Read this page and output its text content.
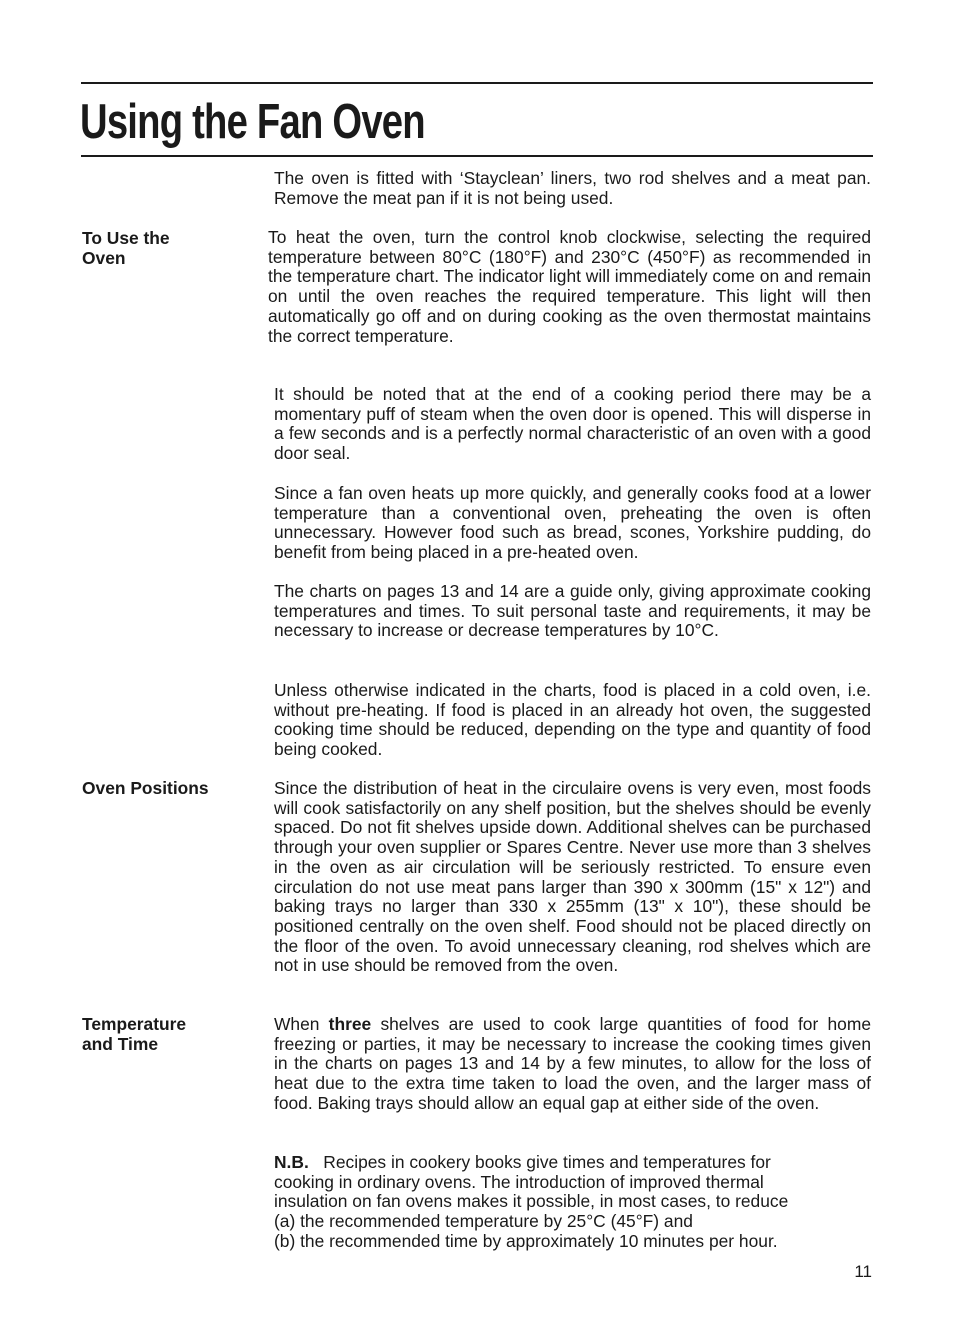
Using the Fan Oven

The oven is fitted with ‘Stayclean’ liners, two rod shelves and a meat pan. Remove the meat pan if it is not being used.

To Use the
Oven

To heat the oven, turn the control knob clockwise, selecting the required temperature between 80°C (180°F) and 230°C (450°F) as recommended in the temperature chart. The indicator light will immediately come on and remain on until the oven reaches the required temperature. This light will then automatically go off and on during cooking as the oven thermostat maintains the correct temperature.

It should be noted that at the end of a cooking period there may be a momentary puff of steam when the oven door is opened. This will disperse in a few seconds and is a perfectly normal characteristic of an oven with a good door seal.

Since a fan oven heats up more quickly, and generally cooks food at a lower temperature than a conventional oven, preheating the oven is often unnecessary. However food such as bread, scones, Yorkshire pudding, do benefit from being placed in a pre-heated oven.

The charts on pages 13 and 14 are a guide only, giving approximate cooking temperatures and times. To suit personal taste and requirements, it may be necessary to increase or decrease temperatures by 10°C.

Unless otherwise indicated in the charts, food is placed in a cold oven, i.e. without pre-heating. If food is placed in an already hot oven, the suggested cooking time should be reduced, depending on the type and quantity of food being cooked.

Oven Positions	Since the distribution of heat in the circulaire ovens is very even, most foods will cook satisfactorily on any shelf position, but the shelves should be evenly spaced. Do not fit shelves upside down. Additional shelves can be purchased through your oven supplier or Spares Centre. Never use more than 3 shelves in the oven as air circulation will be seriously restricted. To ensure even circulation do not use meat pans larger than 390 x 300mm (15" x 12") and baking trays no larger than 330 x 255mm (13" x 10"), these should be positioned centrally on the oven shelf. Food should not be placed directly on the floor of the oven. To avoid unnecessary cleaning, rod shelves which are not in use should be removed from the oven.

Temperature
and Time

When three shelves are used to cook large quantities of food for home freezing or parties, it may be necessary to increase the cooking times given in the charts on pages 13 and 14 by a few minutes, to allow for the loss of heat due to the extra time taken to load the oven, and the larger mass of food. Baking trays should allow an equal gap at either side of the oven.

N.B. Recipes in cookery books give times and temperatures for
cooking in ordinary ovens. The introduction of improved thermal
insulation on fan ovens makes it possible, in most cases, to reduce
(a) the recommended temperature by 25°C (45°F) and
(b) the recommended time by approximately 10 minutes per hour.

11
